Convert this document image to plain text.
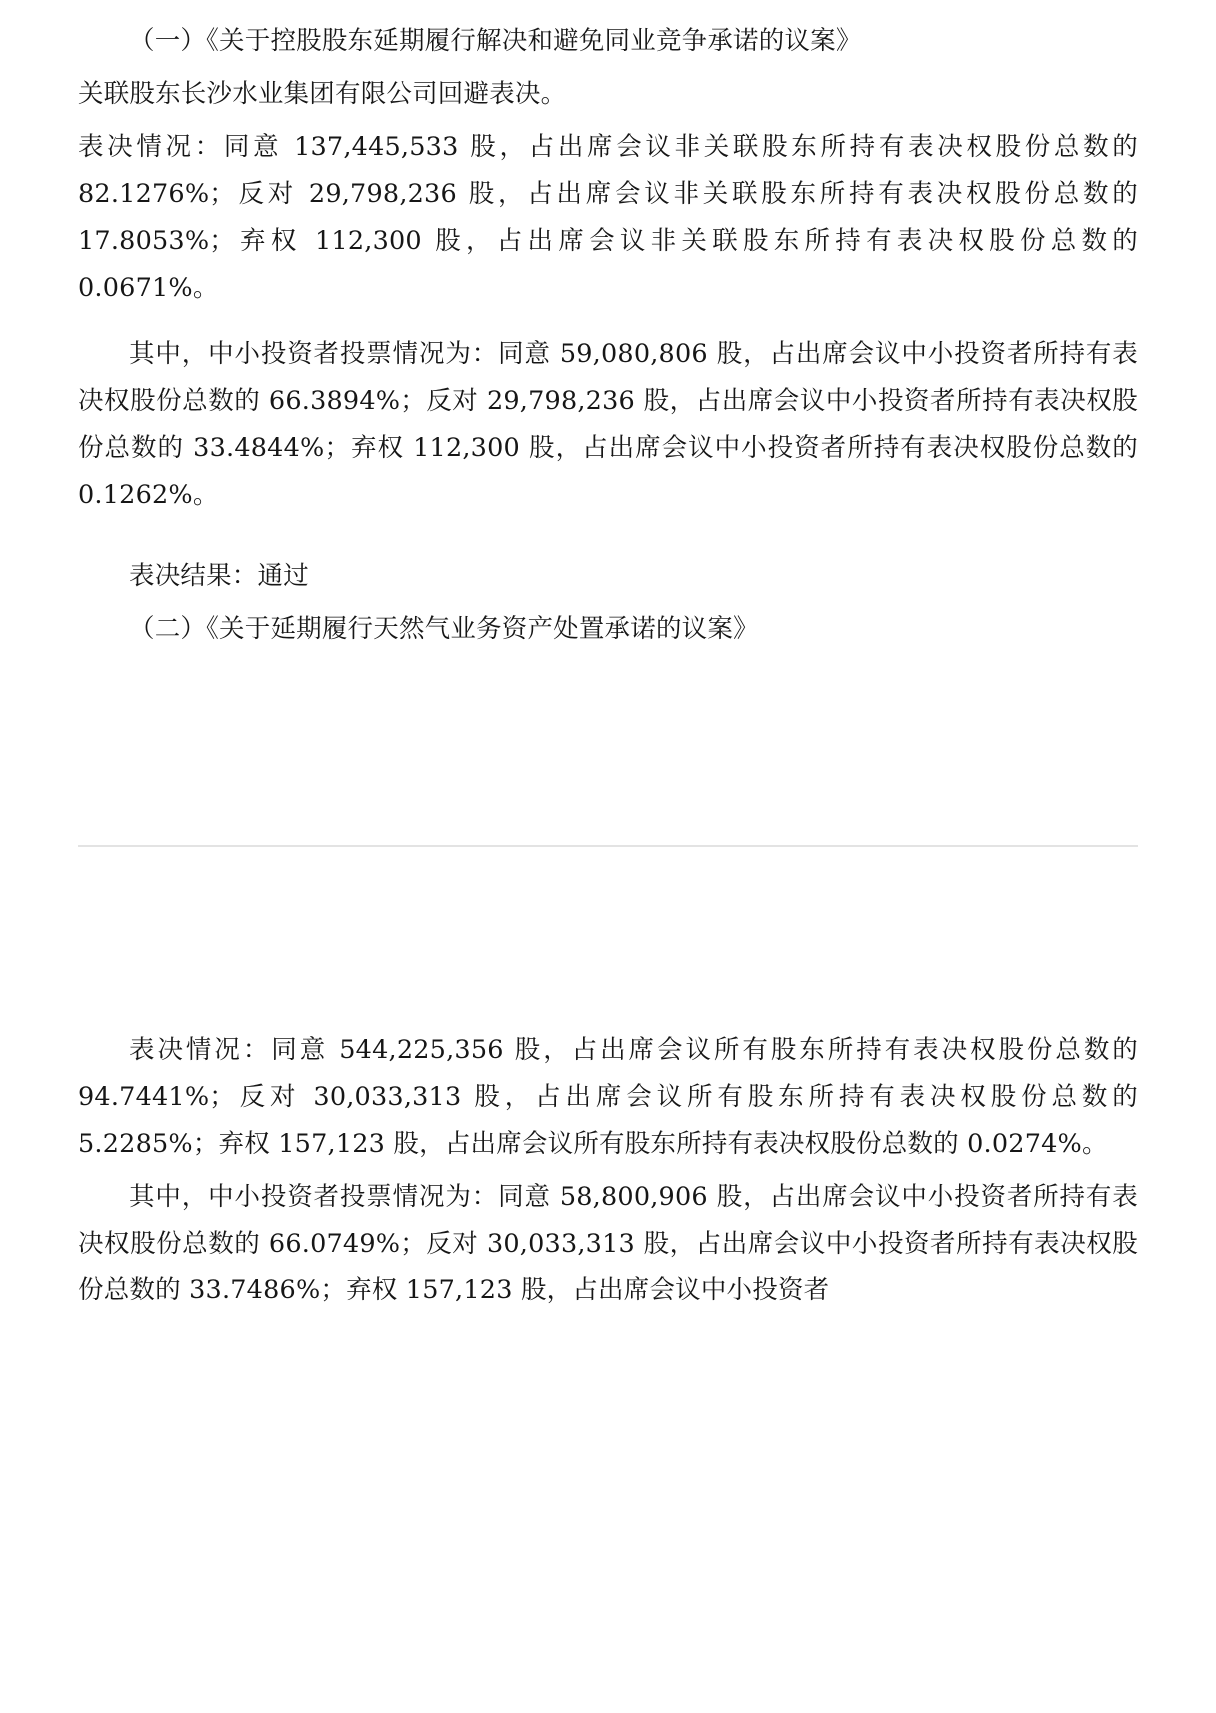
（一）《关于控股股东延期履行解决和避免同业竞争承诺的议案》

关联股东长沙水业集团有限公司回避表决。

表决情况：同意 137,445,533 股，占出席会议非关联股东所持有表决权股份总数的 82.1276%；反对 29,798,236 股，占出席会议非关联股东所持有表决权股份总数的 17.8053%；弃权 112,300 股，占出席会议非关联股东所持有表决权股份总数的 0.0671%。

其中，中小投资者投票情况为：同意 59,080,806 股，占出席会议中小投资者所持有表决权股份总数的 66.3894%；反对 29,798,236 股，占出席会议中小投资者所持有表决权股份总数的 33.4844%；弃权 112,300 股，占出席会议中小投资者所持有表决权股份总数的 0.1262%。

表决结果：通过

（二）《关于延期履行天然气业务资产处置承诺的议案》

表决情况：同意 544,225,356 股，占出席会议所有股东所持有表决权股份总数的 94.7441%；反对 30,033,313 股，占出席会议所有股东所持有表决权股份总数的 5.2285%；弃权 157,123 股，占出席会议所有股东所持有表决权股份总数的 0.0274%。

其中，中小投资者投票情况为：同意 58,800,906 股，占出席会议中小投资者所持有表决权股份总数的 66.0749%；反对 30,033,313 股，占出席会议中小投资者所持有表决权股份总数的 33.7486%；弃权 157,123 股，占出席会议中小投资者
